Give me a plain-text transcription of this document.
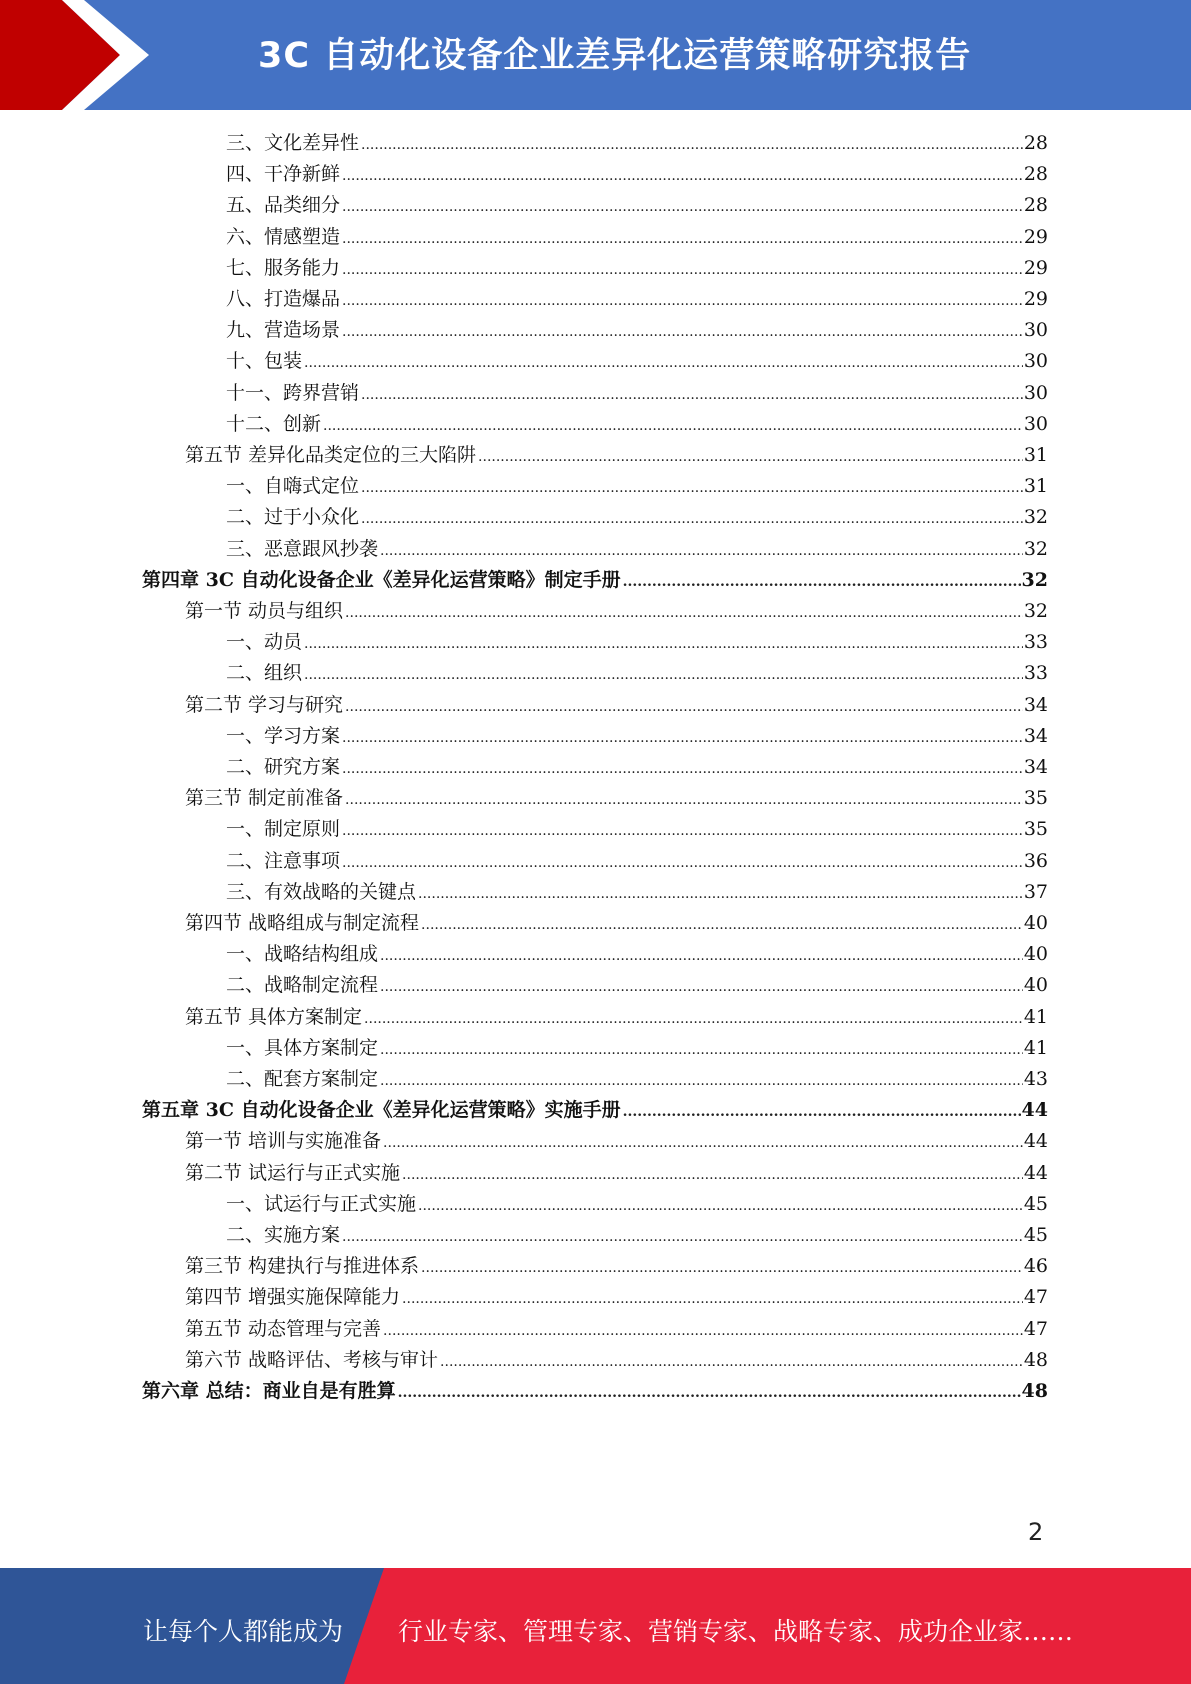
3C 自动化设备企业差异化运营策略研究报告
三、文化差异性 .....	28
四、干净新鲜 .....	28
五、品类细分 .....	28
六、情感塑造 .....	29
七、服务能力 .....	29
八、打造爆品 .....	29
九、营造场景 .....	30
十、包装 .....	30
十一、跨界营销 .....	30
十二、创新 .....	30
第五节 差异化品类定位的三大陷阱 .....	31
一、自嗨式定位 .....	31
二、过于小众化 .....	32
三、恶意跟风抄袭 .....	32
第四章 3C 自动化设备企业《差异化运营策略》制定手册 .....	32
第一节 动员与组织 .....	32
一、动员 .....	33
二、组织 .....	33
第二节 学习与研究 .....	34
一、学习方案 .....	34
二、研究方案 .....	34
第三节 制定前准备 .....	35
一、制定原则 .....	35
二、注意事项 .....	36
三、有效战略的关键点 .....	37
第四节 战略组成与制定流程 .....	40
一、战略结构组成 .....	40
二、战略制定流程 .....	40
第五节 具体方案制定 .....	41
一、具体方案制定 .....	41
二、配套方案制定 .....	43
第五章 3C 自动化设备企业《差异化运营策略》实施手册 .....	44
第一节 培训与实施准备 .....	44
第二节 试运行与正式实施 .....	44
一、试运行与正式实施 .....	45
二、实施方案 .....	45
第三节 构建执行与推进体系 .....	46
第四节 增强实施保障能力 .....	47
第五节 动态管理与完善 .....	47
第六节 战略评估、考核与审计 .....	48
第六章 总结：商业自是有胜算 .....	48
2
让每个人都能成为 行业专家、管理专家、营销专家、战略专家、成功企业家……
